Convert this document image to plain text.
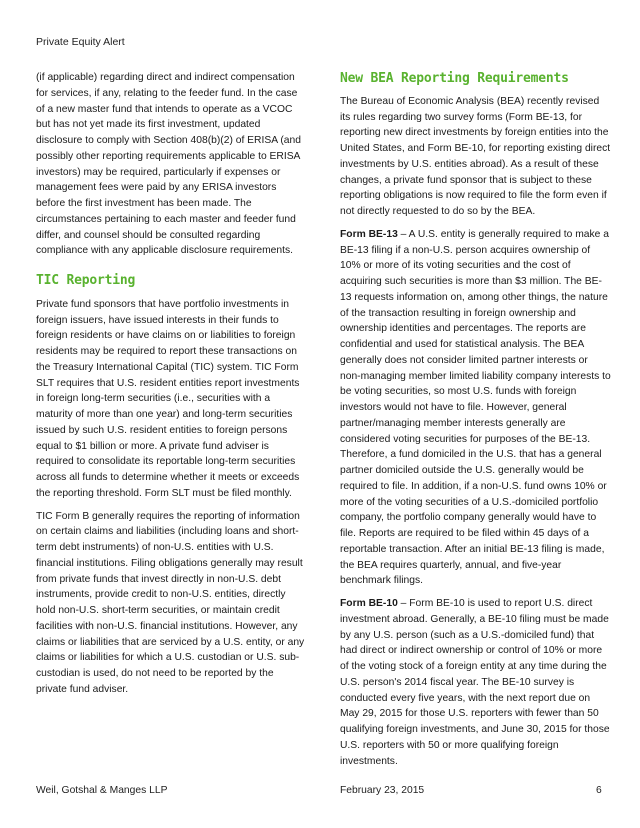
Private Equity Alert

(if applicable) regarding direct and indirect compensation for services, if any, relating to the feeder fund. In the case of a new master fund that intends to operate as a VCOC but has not yet made its first investment, updated disclosure to comply with Section 408(b)(2) of ERISA (and possibly other reporting requirements applicable to ERISA investors) may be required, particularly if expenses or management fees were paid by any ERISA investors before the first investment has been made. The circumstances pertaining to each master and feeder fund differ, and counsel should be consulted regarding compliance with any applicable disclosure requirements.

TIC Reporting

Private fund sponsors that have portfolio investments in foreign issuers, have issued interests in their funds to foreign residents or have claims on or liabilities to foreign residents may be required to report these transactions on the Treasury International Capital (TIC) system. TIC Form SLT requires that U.S. resident entities report investments in foreign long-term securities (i.e., securities with a maturity of more than one year) and long-term securities issued by such U.S. resident entities to foreign persons equal to $1 billion or more. A private fund adviser is required to consolidate its reportable long-term securities across all funds to determine whether it meets or exceeds the reporting threshold. Form SLT must be filed monthly.

TIC Form B generally requires the reporting of information on certain claims and liabilities (including loans and short-term debt instruments) of non-U.S. entities with U.S. financial institutions. Filing obligations generally may result from private funds that invest directly in non-U.S. debt instruments, provide credit to non-U.S. entities, directly hold non-U.S. short-term securities, or maintain credit facilities with non-U.S. financial institutions. However, any claims or liabilities that are serviced by a U.S. entity, or any claims or liabilities for which a U.S. custodian or U.S. sub-custodian is used, do not need to be reported by the private fund adviser.

New BEA Reporting Requirements

The Bureau of Economic Analysis (BEA) recently revised its rules regarding two survey forms (Form BE-13, for reporting new direct investments by foreign entities into the United States, and Form BE-10, for reporting existing direct investments by U.S. entities abroad). As a result of these changes, a private fund sponsor that is subject to these reporting obligations is now required to file the form even if not directly requested to do so by the BEA.

Form BE-13 – A U.S. entity is generally required to make a BE-13 filing if a non-U.S. person acquires ownership of 10% or more of its voting securities and the cost of acquiring such securities is more than $3 million. The BE-13 requests information on, among other things, the nature of the transaction resulting in foreign ownership and ownership identities and percentages. The reports are confidential and used for statistical analysis. The BEA generally does not consider limited partner interests or non-managing member limited liability company interests to be voting securities, so most U.S. funds with foreign investors would not have to file. However, general partner/managing member interests generally are considered voting securities for purposes of the BE-13. Therefore, a fund domiciled in the U.S. that has a general partner domiciled outside the U.S. generally would be required to file. In addition, if a non-U.S. fund owns 10% or more of the voting securities of a U.S.-domiciled portfolio company, the portfolio company generally would have to file. Reports are required to be filed within 45 days of a reportable transaction. After an initial BE-13 filing is made, the BEA requires quarterly, annual, and five-year benchmark filings.

Form BE-10 – Form BE-10 is used to report U.S. direct investment abroad. Generally, a BE-10 filing must be made by any U.S. person (such as a U.S.-domiciled fund) that had direct or indirect ownership or control of 10% or more of the voting stock of a foreign entity at any time during the U.S. person's 2014 fiscal year. The BE-10 survey is conducted every five years, with the next report due on May 29, 2015 for those U.S. reporters with fewer than 50 qualifying foreign investments, and June 30, 2015 for those U.S. reporters with 50 or more qualifying foreign investments.

Weil, Gotshal & Manges LLP	February 23, 2015	6
